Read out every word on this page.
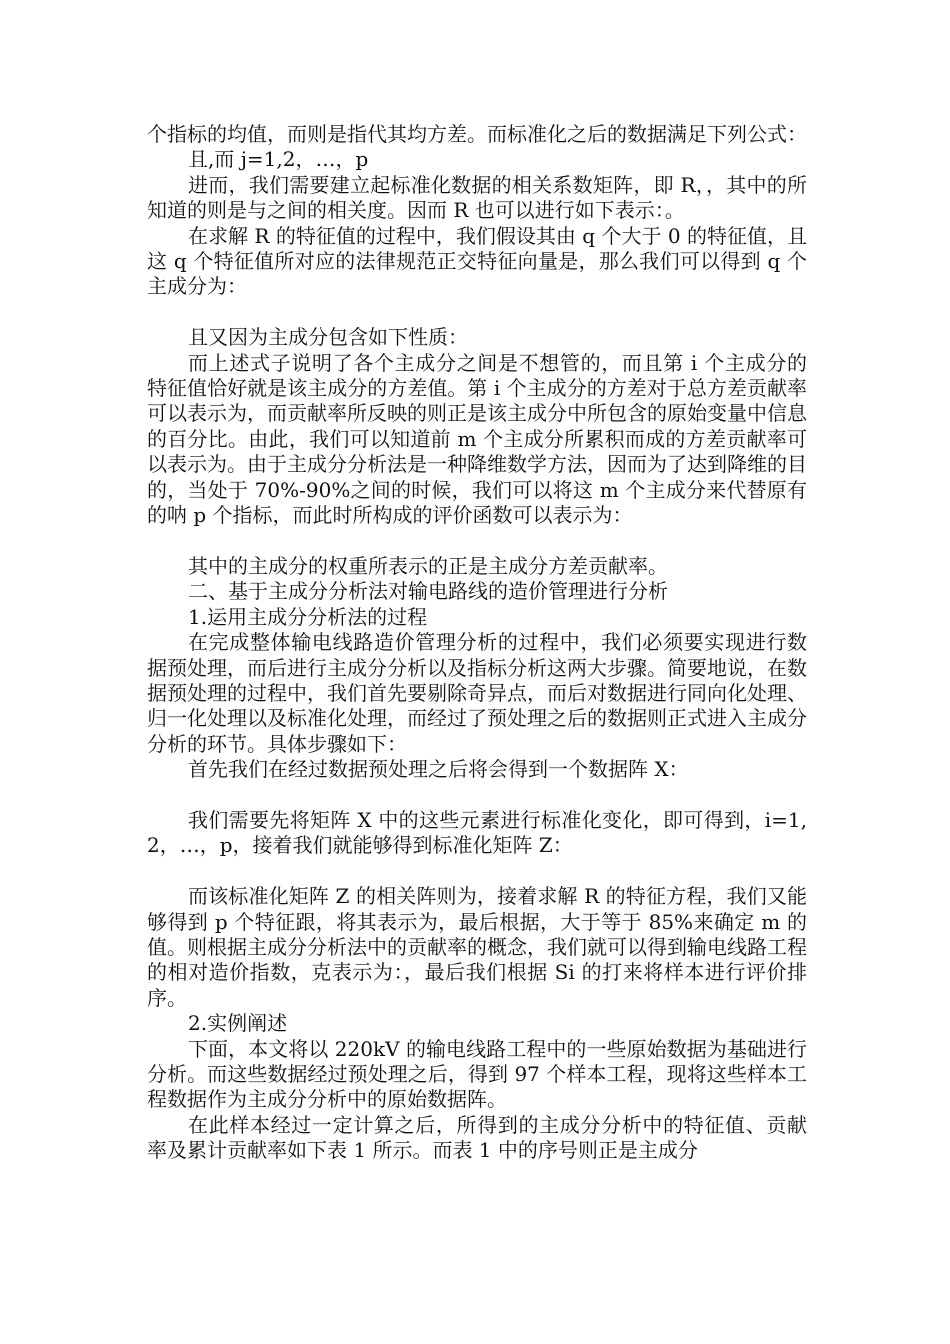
个指标的均值，而则是指代其均方差。而标准化之后的数据满足下列公式：

且,而 j=1,2，…，p

进而，我们需要建立起标准化数据的相关系数矩阵，即 R，，其中的所知道的则是与之间的相关度。因而 R 也可以进行如下表示：。

在求解 R 的特征值的过程中，我们假设其由 q 个大于 0 的特征值，且这 q 个特征值所对应的法律规范正交特征向量是，那么我们可以得到 q 个主成分为：

且又因为主成分包含如下性质：

而上述式子说明了各个主成分之间是不想管的，而且第 i 个主成分的特征值恰好就是该主成分的方差值。第 i 个主成分的方差对于总方差贡献率可以表示为，而贡献率所反映的则正是该主成分中所包含的原始变量中信息的百分比。由此，我们可以知道前 m 个主成分所累积而成的方差贡献率可以表示为。由于主成分分析法是一种降维数学方法，因而为了达到降维的目的，当处于 70%-90%之间的时候，我们可以将这 m 个主成分来代替原有的呐 p 个指标，而此时所构成的评价函数可以表示为：

其中的主成分的权重所表示的正是主成分方差贡献率。

二、基于主成分分析法对输电路线的造价管理进行分析

1.运用主成分分析法的过程

在完成整体输电线路造价管理分析的过程中，我们必须要实现进行数据预处理，而后进行主成分分析以及指标分析这两大步骤。简要地说，在数据预处理的过程中，我们首先要剔除奇异点，而后对数据进行同向化处理、归一化处理以及标准化处理，而经过了预处理之后的数据则正式进入主成分分析的环节。具体步骤如下：

首先我们在经过数据预处理之后将会得到一个数据阵 X：

我们需要先将矩阵 X 中的这些元素进行标准化变化，即可得到，i=1,2，…，p，接着我们就能够得到标准化矩阵 Z：

而该标准化矩阵 Z 的相关阵则为，接着求解 R 的特征方程，我们又能够得到 p 个特征跟，将其表示为，最后根据，大于等于 85%来确定 m 的值。则根据主成分分析法中的贡献率的概念，我们就可以得到输电线路工程的相对造价指数，克表示为：，最后我们根据 Si 的打来将样本进行评价排序。

2.实例阐述

下面，本文将以 220kV 的输电线路工程中的一些原始数据为基础进行分析。而这些数据经过预处理之后，得到 97 个样本工程，现将这些样本工程数据作为主成分分析中的原始数据阵。

在此样本经过一定计算之后，所得到的主成分分析中的特征值、贡献率及累计贡献率如下表 1 所示。而表 1 中的序号则正是主成分
